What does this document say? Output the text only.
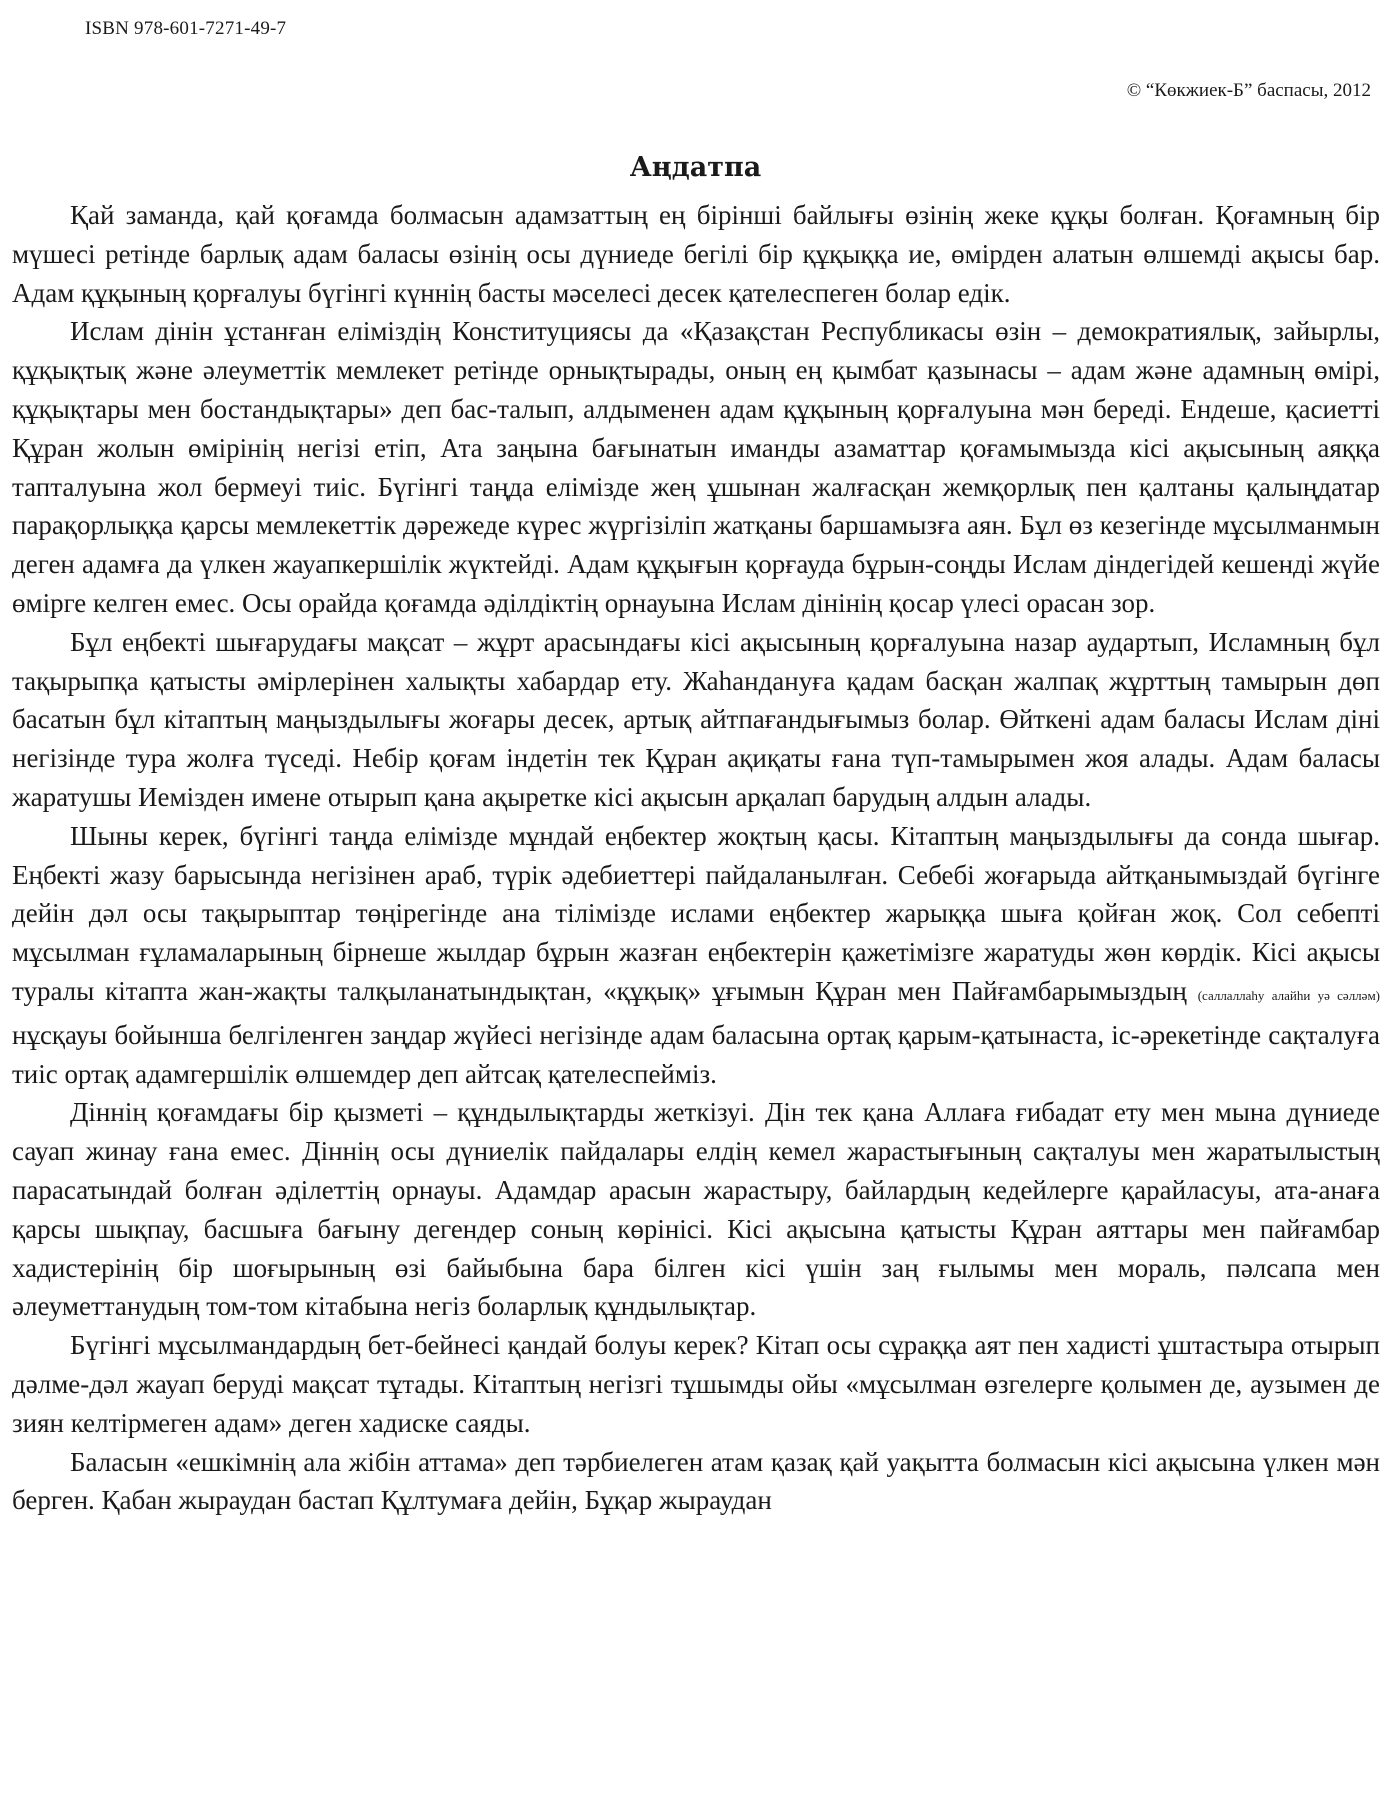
ISBN 978-601-7271-49-7
© “Көкжиек-Б” баспасы, 2012
Аңдатпа

Қай заманда, қай қоғамда болмасын адамзаттың ең бірінші байлығы өзінің жеке құқы болған. Қоғамның бір мүшесі ретінде барлық адам баласы өзінің осы дүниеде бегілі бір құқыққа ие, өмірден алатын өлшемді ақысы бар. Адам құқының қорғалуы бүгінгі күннің басты мәселесі десек қателеспеген болар едік.

Ислам дінін ұстанған еліміздің Конституциясы да «Қазақстан Республикасы өзін – демократиялық, зайырлы, құқықтық және әлеуметтік мемлекет ретінде орнықтырады, оның ең қымбат қазынасы – адам және адамның өмірі, құқықтары мен бостандықтары» деп бас-талып, алдыменен адам құқының қорғалуына мән береді. Ендеше, қасиетті Құран жолын өмірінің негізі етіп, Ата заңына бағынатын иманды азаматтар қоғамымызда кісі ақысының аяққа тапталуына жол бермеуі тиіс. Бүгінгі таңда елімізде жең ұшынан жалғасқан жемқорлық пен қалтаны қалыңдатар парақорлыққа қарсы мемлекеттік дәрежеде күрес жүргізіліп жатқаны баршамызға аян. Бұл өз кезегінде мұсылманмын деген адамға да үлкен жауапкершілік жүктейді. Адам құқығын қорғауда бұрын-соңды Ислам діндегідей кешенді жүйе өмірге келген емес. Осы орайда қоғамда әділдіктің орнауына Ислам дінінің қосар үлесі орасан зор.

Бұл еңбекті шығарудағы мақсат – жұрт арасындағы кісі ақысының қорғалуына назар аудартып, Исламның бұл тақырыпқа қатысты әмірлерінен халықты хабардар ету. Жаһандануға қадам басқан жалпақ жұрттың тамырын дөп басатын бұл кітаптың маңыздылығы жоғары десек, артық айтпағандығымыз болар. Өйткені адам баласы Ислам діні негізінде тура жолға түседі. Небір қоғам індетін тек Құран ақиқаты ғана түп-тамырымен жоя алады. Адам баласы жаратушы Иемізден имене отырып қана ақыретке кісі ақысын арқалап барудың алдын алады.

Шыны керек, бүгінгі таңда елімізде мұндай еңбектер жоқтың қасы. Кітаптың маңыздылығы да сонда шығар. Еңбекті жазу барысында негізінен араб, түрік әдебиеттері пайдаланылған. Себебі жоғарыда айтқанымыздай бүгінге дейін дәл осы тақырыптар төңірегінде ана тілімізде ислами еңбектер жарыққа шыға қойған жоқ. Сол себепті мұсылман ғұламаларының бірнеше жылдар бұрын жазған еңбектерін қажетімізге жаратуды жөн көрдік. Кісі ақысы туралы кітапта жан-жақты талқыланатындықтан, «құқық» ұғымын Құран мен Пайғамбарымыздың (саллаллаһу алайһи уә сәлләм) нұсқауы бойынша белгіленген заңдар жүйесі негізінде адам баласына ортақ қарым-қатынаста, іс-әрекетінде сақталуға тиіс ортақ адамгершілік өлшемдер деп айтсақ қателеспейміз.

Діннің қоғамдағы бір қызметі – құндылықтарды жеткізуі. Дін тек қана Аллаға ғибадат ету мен мына дүниеде сауап жинау ғана емес. Діннің осы дүниелік пайдалары елдің кемел жарастығының сақталуы мен жаратылыстың парасатындай болған әділеттің орнауы. Адамдар арасын жарастыру, байлардың кедейлерге қарайласуы, ата-анаға қарсы шықпау, басшыға бағыну дегендер соның көрінісі. Кісі ақысына қатысты Құран аяттары мен пайғамбар хадистерінің бір шоғырының өзі байыбына бара білген кісі үшін заң ғылымы мен мораль, пәлсапа мен әлеуметтанудың том-том кітабына негіз боларлық құндылықтар.

Бүгінгі мұсылмандардың бет-бейнесі қандай болуы керек? Кітап осы сұраққа аят пен хадисті ұштастыра отырып дәлме-дәл жауап беруді мақсат тұтады. Кітаптың негізгі тұшымды ойы «мұсылман өзгелерге қолымен де, аузымен де зиян келтірмеген адам» деген хадиске саяды.

Баласын «ешкімнің ала жібін аттама» деп тәрбиелеген атам қазақ қай уақытта болмасын кісі ақысына үлкен мән берген. Қабан жыраудан бастап Құлтумаға дейін, Бұқар жыраудан
